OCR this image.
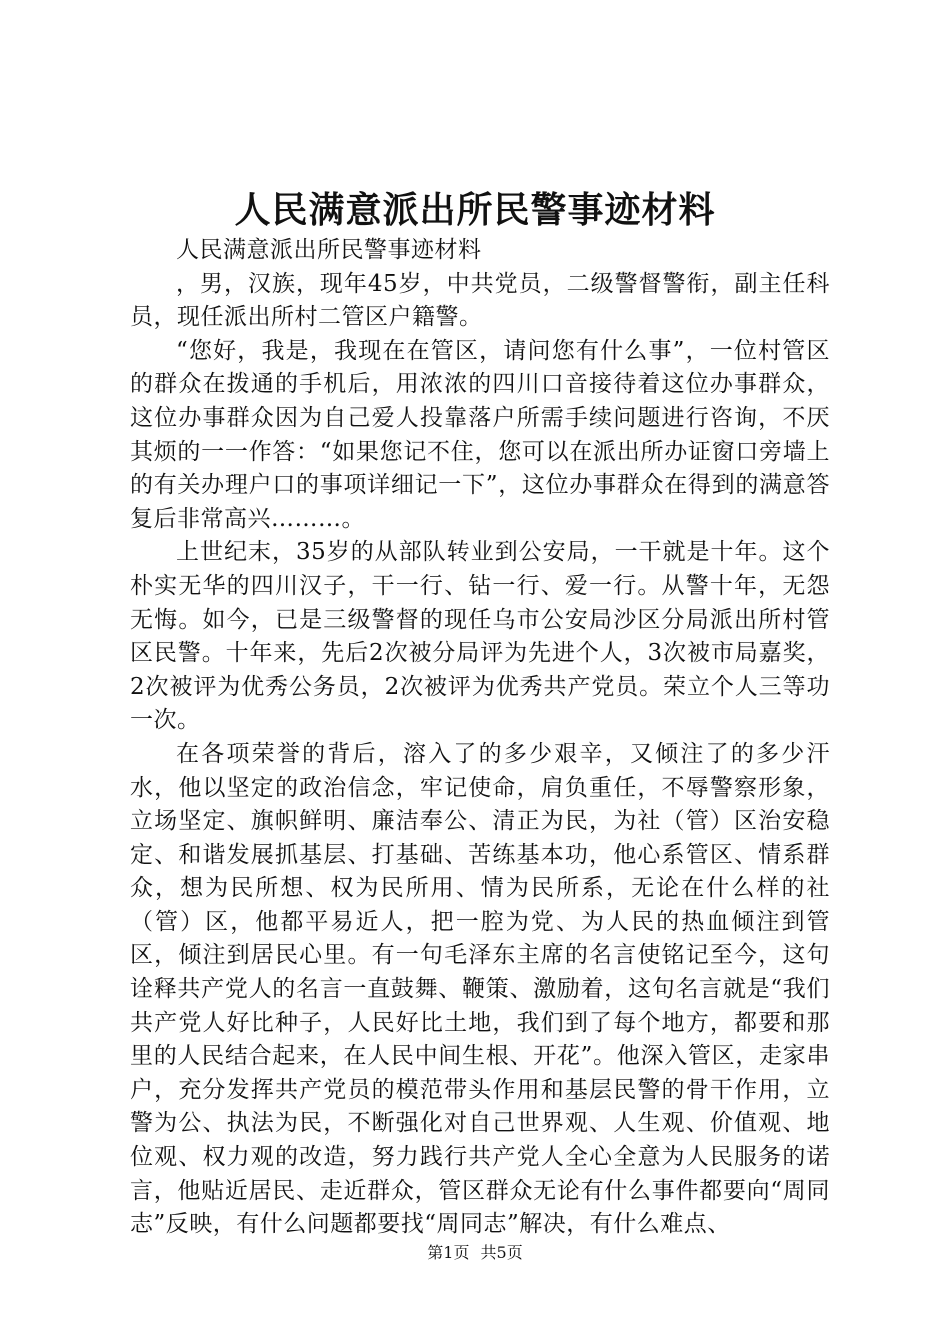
人民满意派出所民警事迹材料

人民满意派出所民警事迹材料

，男，汉族，现年45岁，中共党员，二级警督警衔，副主任科员，现任派出所村二管区户籍警。

“您好，我是，我现在在管区，请问您有什么事”，一位村管区的群众在拨通的手机后，用浓浓的四川口音接待着这位办事群众，这位办事群众因为自己爱人投靠落户所需手续问题进行咨询，不厌其烦的一一作答：“如果您记不住，您可以在派出所办证窗口旁墙上的有关办理户口的事项详细记一下”，这位办事群众在得到的满意答复后非常高兴………。

上世纪末，35岁的从部队转业到公安局，一干就是十年。这个朴实无华的四川汉子，干一行、钻一行、爱一行。从警十年，无怨无悔。如今，已是三级警督的现任乌市公安局沙区分局派出所村管区民警。十年来，先后2次被分局评为先进个人，3次被市局嘉奖，2次被评为优秀公务员，2次被评为优秀共产党员。荣立个人三等功一次。

在各项荣誉的背后，溶入了的多少艰辛，又倾注了的多少汗水，他以坚定的政治信念，牢记使命，肩负重任，不辱警察形象，立场坚定、旗帜鲜明、廉洁奉公、清正为民，为社（管）区治安稳定、和谐发展抓基层、打基础、苦练基本功，他心系管区、情系群众，想为民所想、权为民所用、情为民所系，无论在什么样的社（管）区，他都平易近人，把一腔为党、为人民的热血倾注到管区，倾注到居民心里。有一句毛泽东主席的名言使铭记至今，这句诠释共产党人的名言一直鼓舞、鞭策、激励着，这句名言就是“我们共产党人好比种子，人民好比土地，我们到了每个地方，都要和那里的人民结合起来，在人民中间生根、开花”。他深入管区，走家串户，充分发挥共产党员的模范带头作用和基层民警的骨干作用，立警为公、执法为民，不断强化对自己世界观、人生观、价值观、地位观、权力观的改造，努力践行共产党人全心全意为人民服务的诺言，他贴近居民、走近群众，管区群众无论有什么事件都要向“周同志”反映，有什么问题都要找“周同志”解决，有什么难点、

第1页 共5页
